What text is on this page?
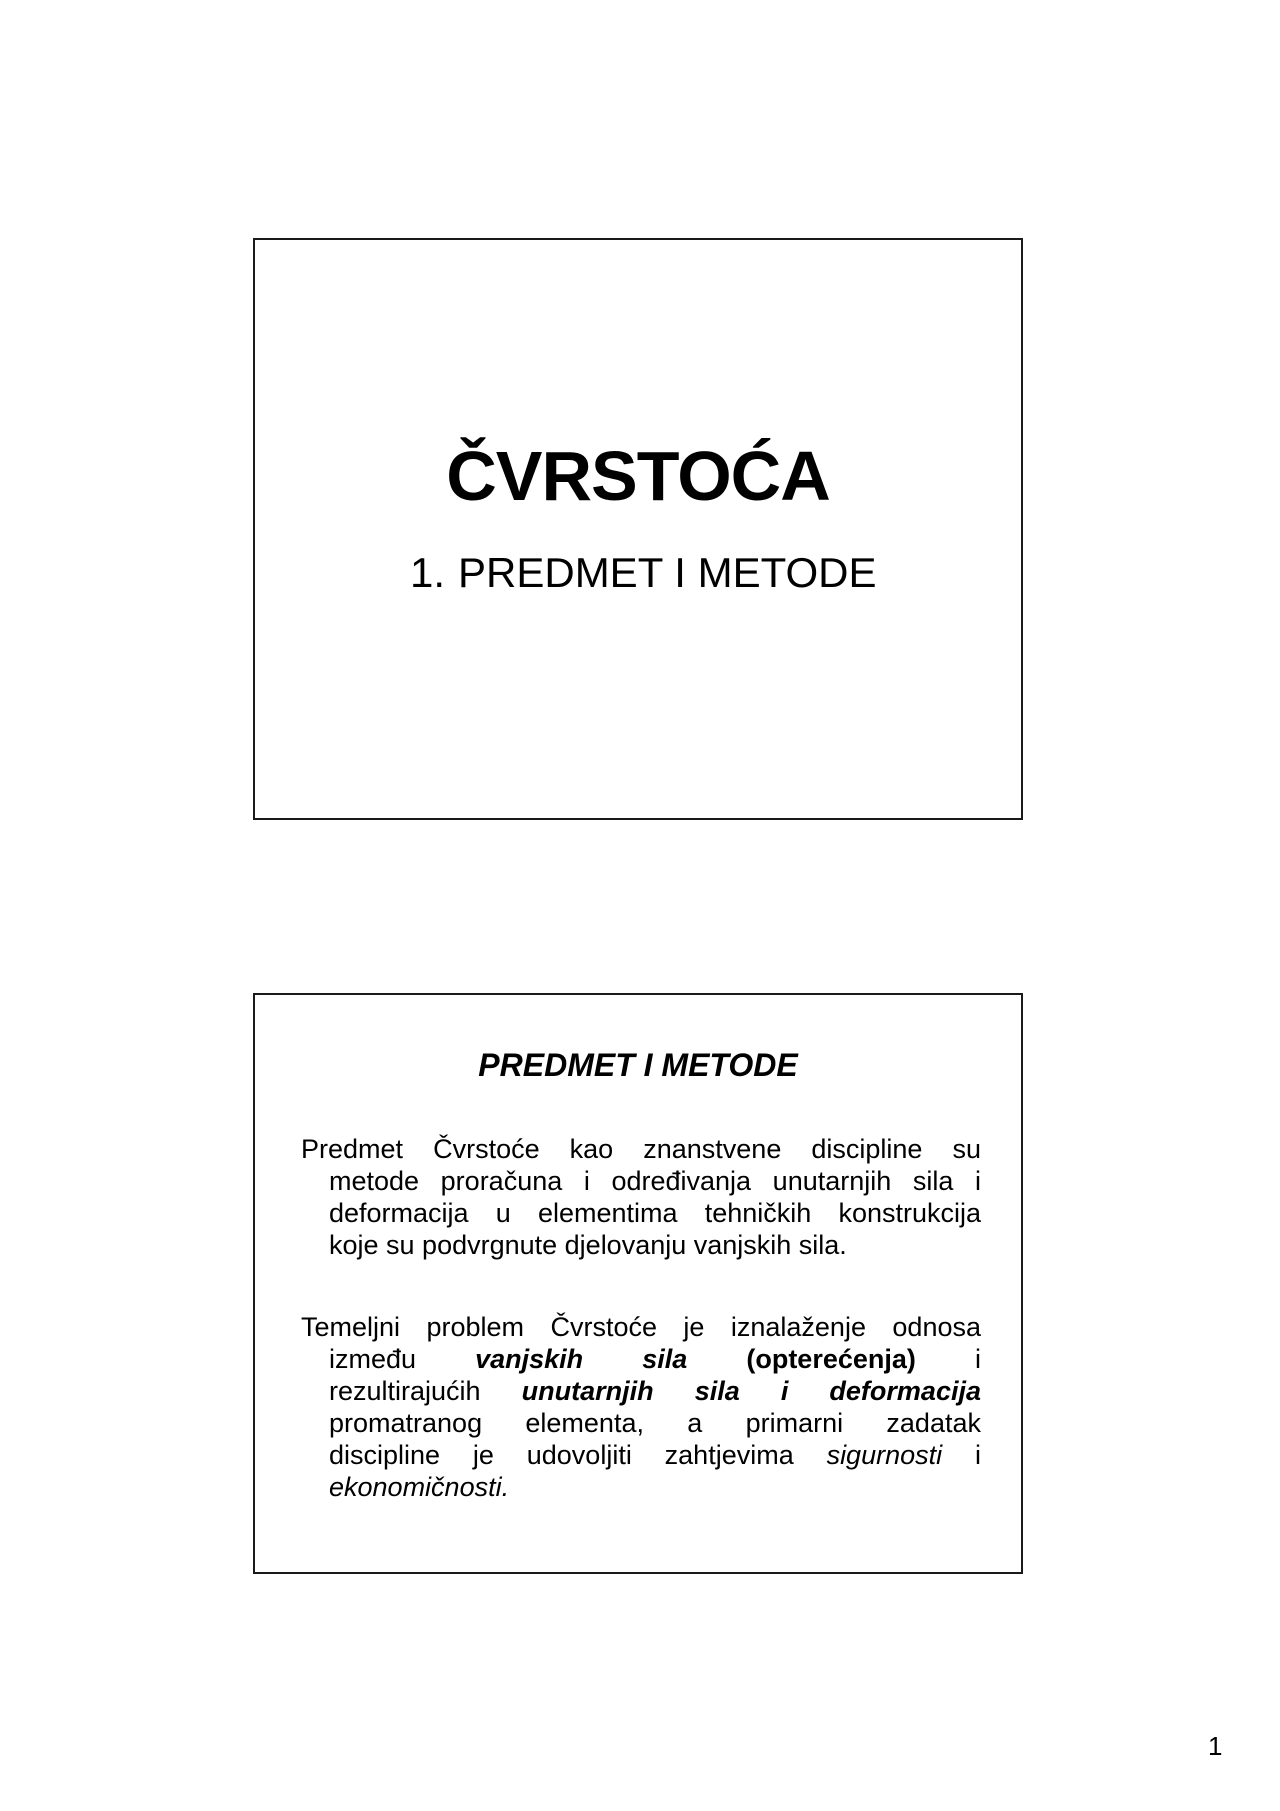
ČVRSTOĆA
1. PREDMET I METODE
PREDMET I METODE
Predmet Čvrstoće kao znanstvene discipline su
metode proračuna i određivanja unutarnjih sila i
deformacija u elementima tehničkih konstrukcija
koje su podvrgnute djelovanju vanjskih sila.
Temeljni problem Čvrstoće je iznalaženje odnosa
između vanjskih sila (opterećenja) i
rezultirajućih unutarnjih sila i deformacija
promatranog elementa, a primarni zadatak
discipline je udovoljiti zahtjevima sigurnosti i
ekonomičnosti.
1
